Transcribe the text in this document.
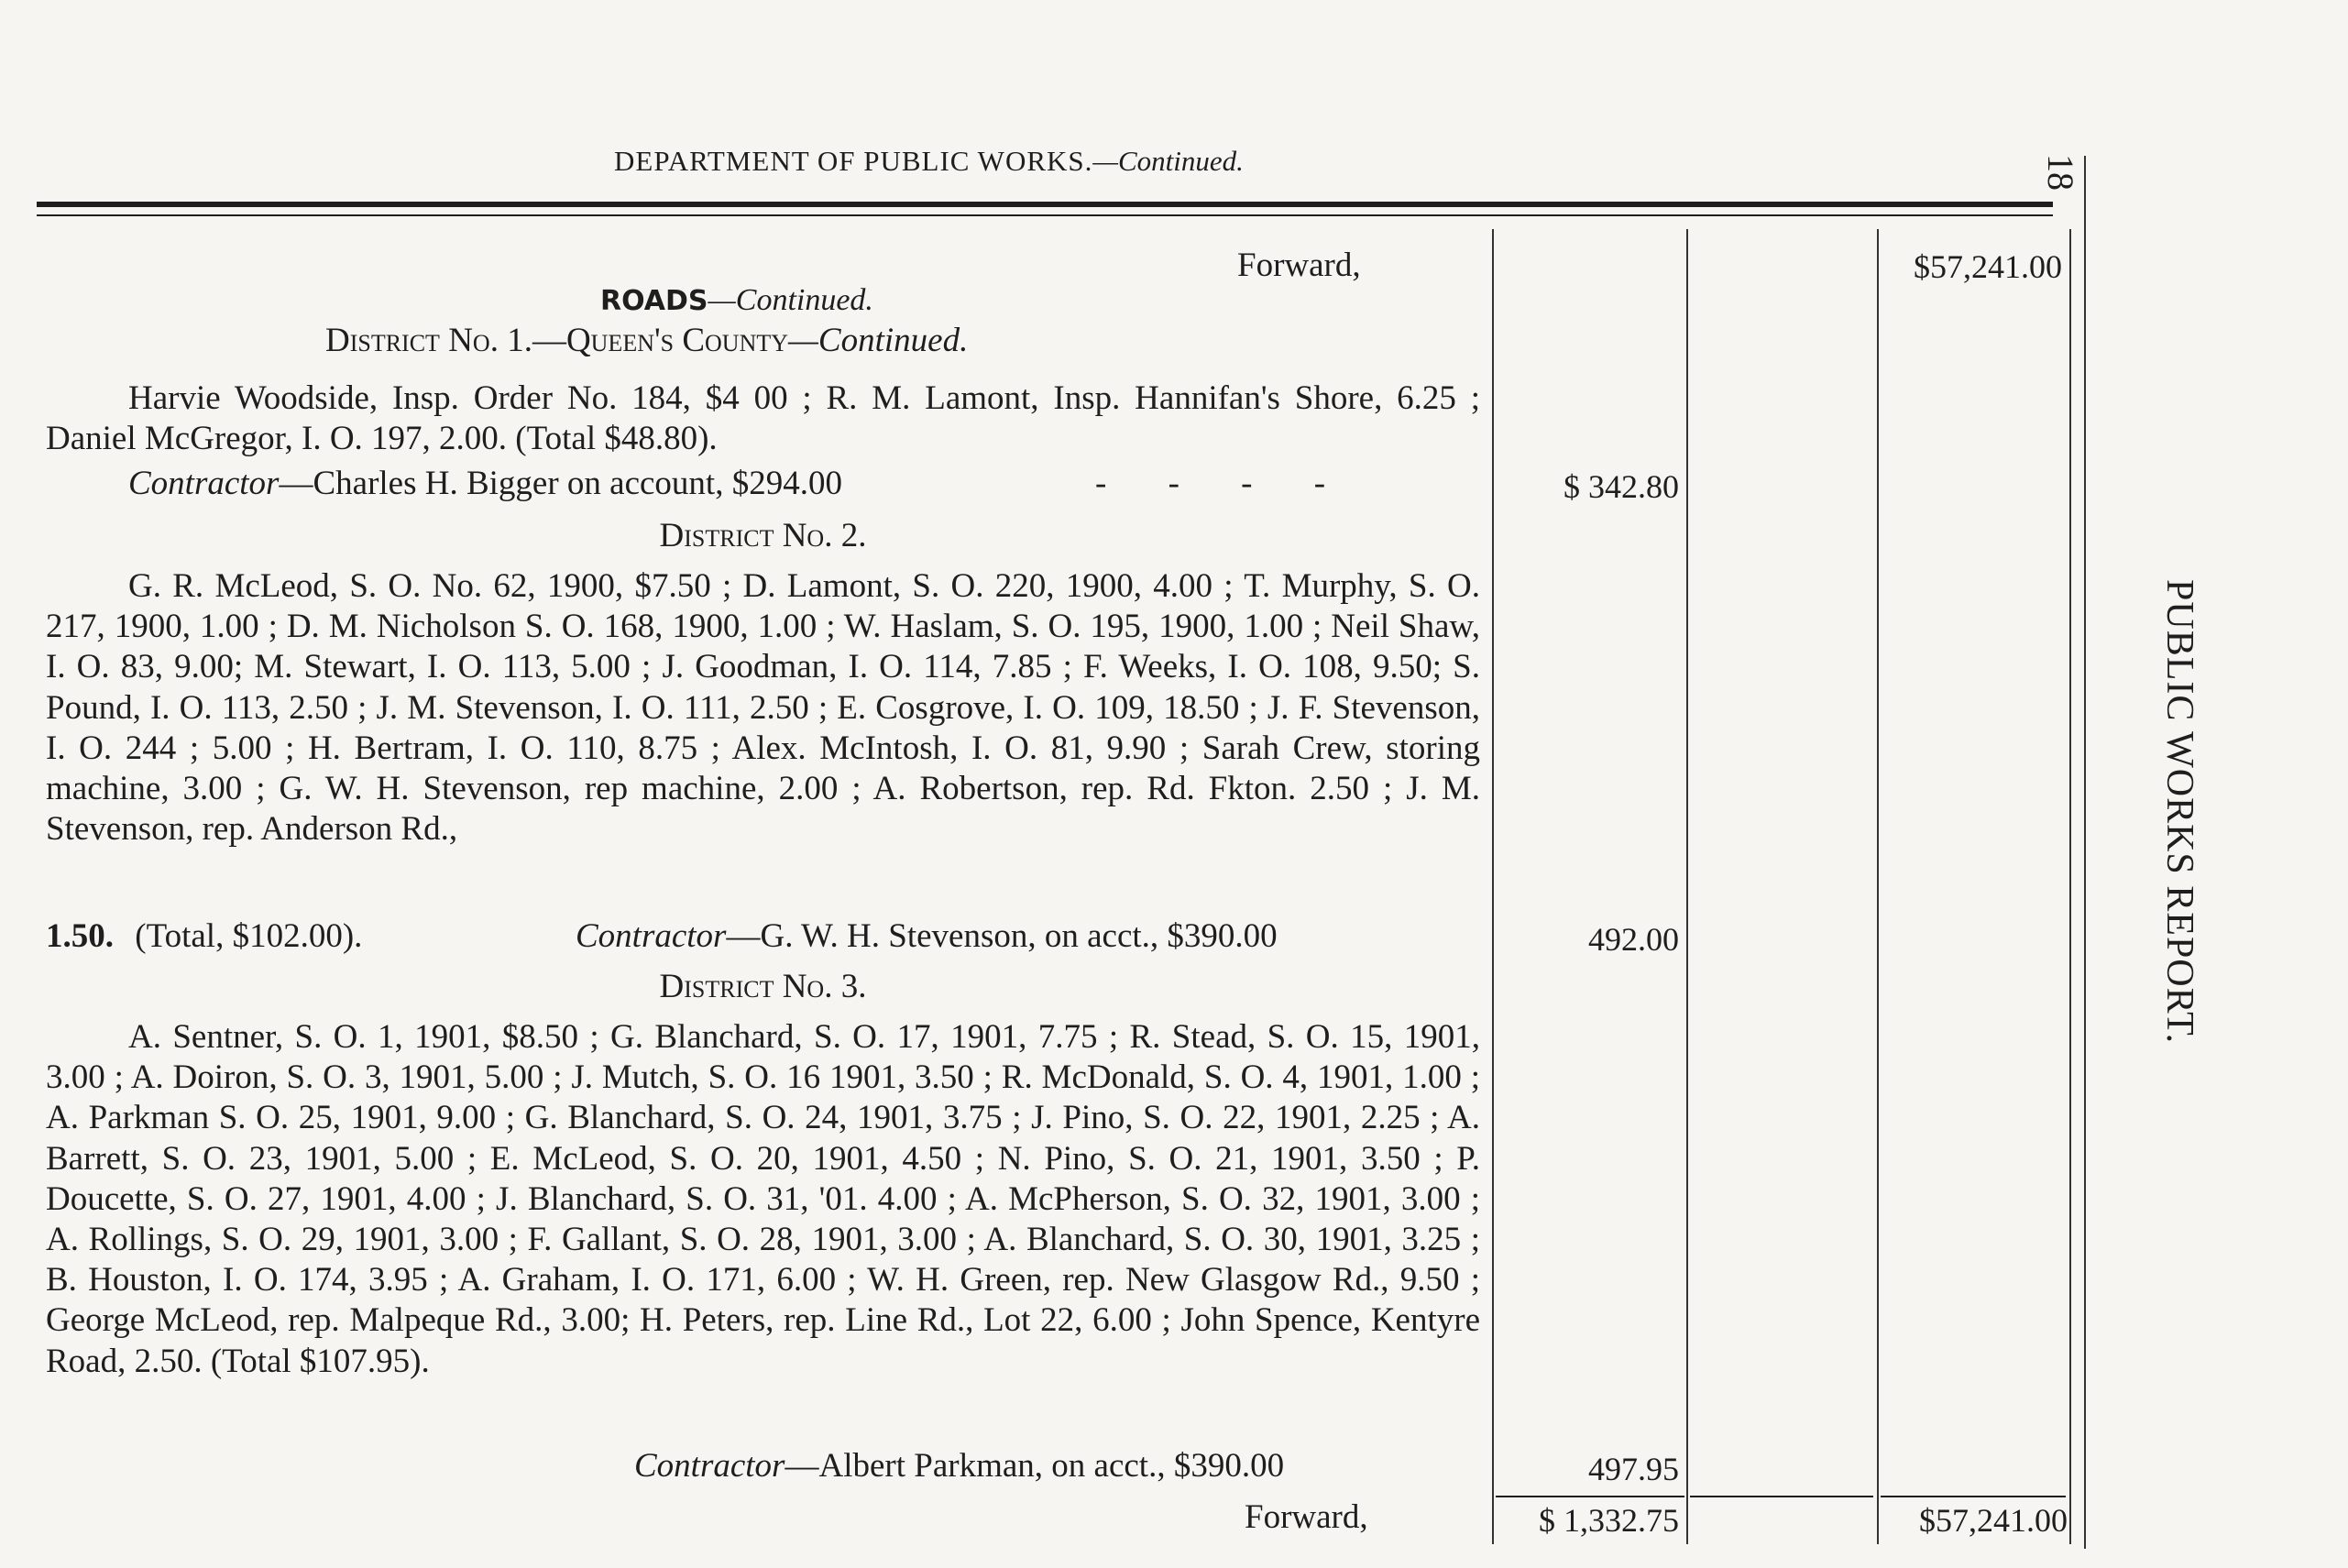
DEPARTMENT OF PUBLIC WORKS.—Continued.	18
PUBLIC WORKS REPORT.
Forward,	$57,241.00
ROADS—Continued.
District No. 1.—Queen's County—Continued.
Harvie Woodside, Insp. Order No. 184, $4 00 ; R. M. Lamont, Insp. Hannifan's Shore, 6.25 ; Daniel McGregor, I. O. 197, 2.00. (Total $48.80).
Contractor—Charles H. Bigger on account, $294.00	- - - -	$ 342.80
District No. 2.
G. R. McLeod, S. O. No. 62, 1900, $7.50 ; D. Lamont, S. O. 220, 1900, 4.00 ; T. Murphy, S. O. 217, 1900, 1.00 ; D. M. Nicholson S. O. 168, 1900, 1.00 ; W. Haslam, S. O. 195, 1900, 1.00 ; Neil Shaw, I. O. 83, 9.00; M. Stewart, I. O. 113, 5.00 ; J. Goodman, I. O. 114, 7.85 ; F. Weeks, I. O. 108, 9.50; S. Pound, I. O. 113, 2.50 ; J. M. Stevenson, I. O. 111, 2.50 ; E. Cosgrove, I. O. 109, 18.50 ; J. F. Stevenson, I. O. 244 ; 5.00 ; H. Bertram, I. O. 110, 8.75 ; Alex. McIntosh, I. O. 81, 9.90 ; Sarah Crew, storing machine, 3.00 ; G. W. H. Stevenson, rep machine, 2.00 ; A. Robertson, rep. Rd. Fkton. 2.50 ; J. M. Stevenson, rep. Anderson Rd.,
1.50. (Total, $102.00).	Contractor—G. W. H. Stevenson, on acct., $390.00	492.00
District No. 3.
A. Sentner, S. O. 1, 1901, $8.50 ; G. Blanchard, S. O. 17, 1901, 7.75 ; R. Stead, S. O. 15, 1901, 3.00 ; A. Doiron, S. O. 3, 1901, 5.00 ; J. Mutch, S. O. 16 1901, 3.50 ; R. McDonald, S. O. 4, 1901, 1.00 ; A. Parkman S. O. 25, 1901, 9.00 ; G. Blanchard, S. O. 24, 1901, 3.75 ; J. Pino, S. O. 22, 1901, 2.25 ; A. Barrett, S. O. 23, 1901, 5.00 ; E. McLeod, S. O. 20, 1901, 4.50 ; N. Pino, S. O. 21, 1901, 3.50 ; P. Doucette, S. O. 27, 1901, 4.00 ; J. Blanchard, S. O. 31, '01. 4.00 ; A. McPherson, S. O. 32, 1901, 3.00 ; A. Rollings, S. O. 29, 1901, 3.00 ; F. Gallant, S. O. 28, 1901, 3.00 ; A. Blanchard, S. O. 30, 1901, 3.25 ; B. Houston, I. O. 174, 3.95 ; A. Graham, I. O. 171, 6.00 ; W. H. Green, rep. New Glasgow Rd., 9.50 ; George McLeod, rep. Malpeque Rd., 3.00; H. Peters, rep. Line Rd., Lot 22, 6.00 ; John Spence, Kentyre Road, 2.50. (Total $107.95).
Contractor—Albert Parkman, on acct., $390.00	497.95
Forward,	$ 1,332.75	$57,241.00
